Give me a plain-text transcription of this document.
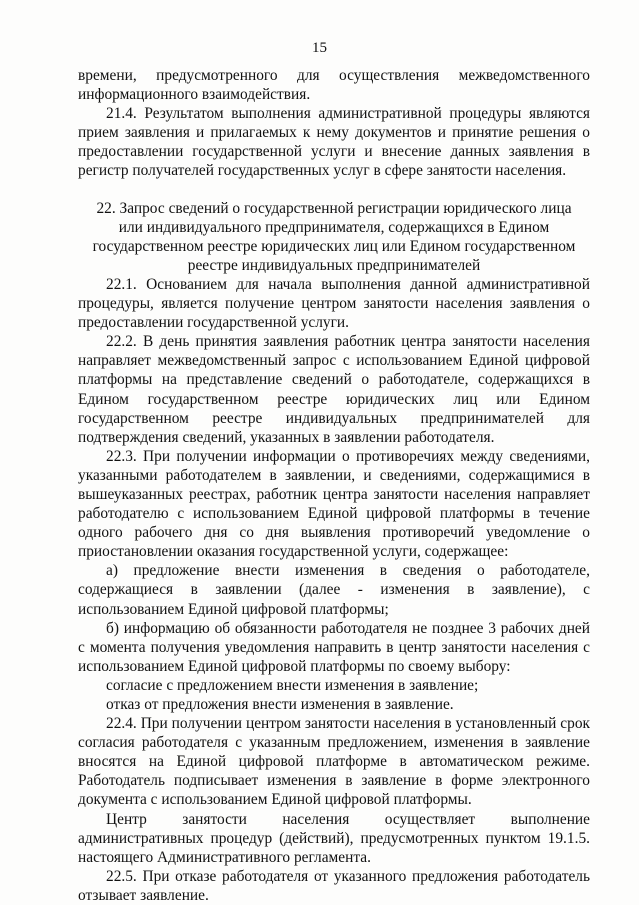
15

времени, предусмотренного для осуществления межведомственного информационного взаимодействия.

21.4. Результатом выполнения административной процедуры являются прием заявления и прилагаемых к нему документов и принятие решения о предоставлении государственной услуги и внесение данных заявления в регистр получателей государственных услуг в сфере занятости населения.

22. Запрос сведений о государственной регистрации юридического лица или индивидуального предпринимателя, содержащихся в Едином государственном реестре юридических лиц или Едином государственном реестре индивидуальных предпринимателей

22.1. Основанием для начала выполнения данной административной процедуры, является получение центром занятости населения заявления о предоставлении государственной услуги.

22.2. В день принятия заявления работник центра занятости населения направляет межведомственный запрос с использованием Единой цифровой платформы на представление сведений о работодателе, содержащихся в Едином государственном реестре юридических лиц или Едином государственном реестре индивидуальных предпринимателей для подтверждения сведений, указанных в заявлении работодателя.

22.3. При получении информации о противоречиях между сведениями, указанными работодателем в заявлении, и сведениями, содержащимися в вышеуказанных реестрах, работник центра занятости населения направляет работодателю с использованием Единой цифровой платформы в течение одного рабочего дня со дня выявления противоречий уведомление о приостановлении оказания государственной услуги, содержащее:

а) предложение внести изменения в сведения о работодателе, содержащиеся в заявлении (далее - изменения в заявление), с использованием Единой цифровой платформы;

б) информацию об обязанности работодателя не позднее 3 рабочих дней с момента получения уведомления направить в центр занятости населения с использованием Единой цифровой платформы по своему выбору:

согласие с предложением внести изменения в заявление;

отказ от предложения внести изменения в заявление.

22.4. При получении центром занятости населения в установленный срок согласия работодателя с указанным предложением, изменения в заявление вносятся на Единой цифровой платформе в автоматическом режиме. Работодатель подписывает изменения в заявление в форме электронного документа с использованием Единой цифровой платформы.

Центр занятости населения осуществляет выполнение административных процедур (действий), предусмотренных пунктом 19.1.5. настоящего Административного регламента.

22.5. При отказе работодателя от указанного предложения работодатель отзывает заявление.
